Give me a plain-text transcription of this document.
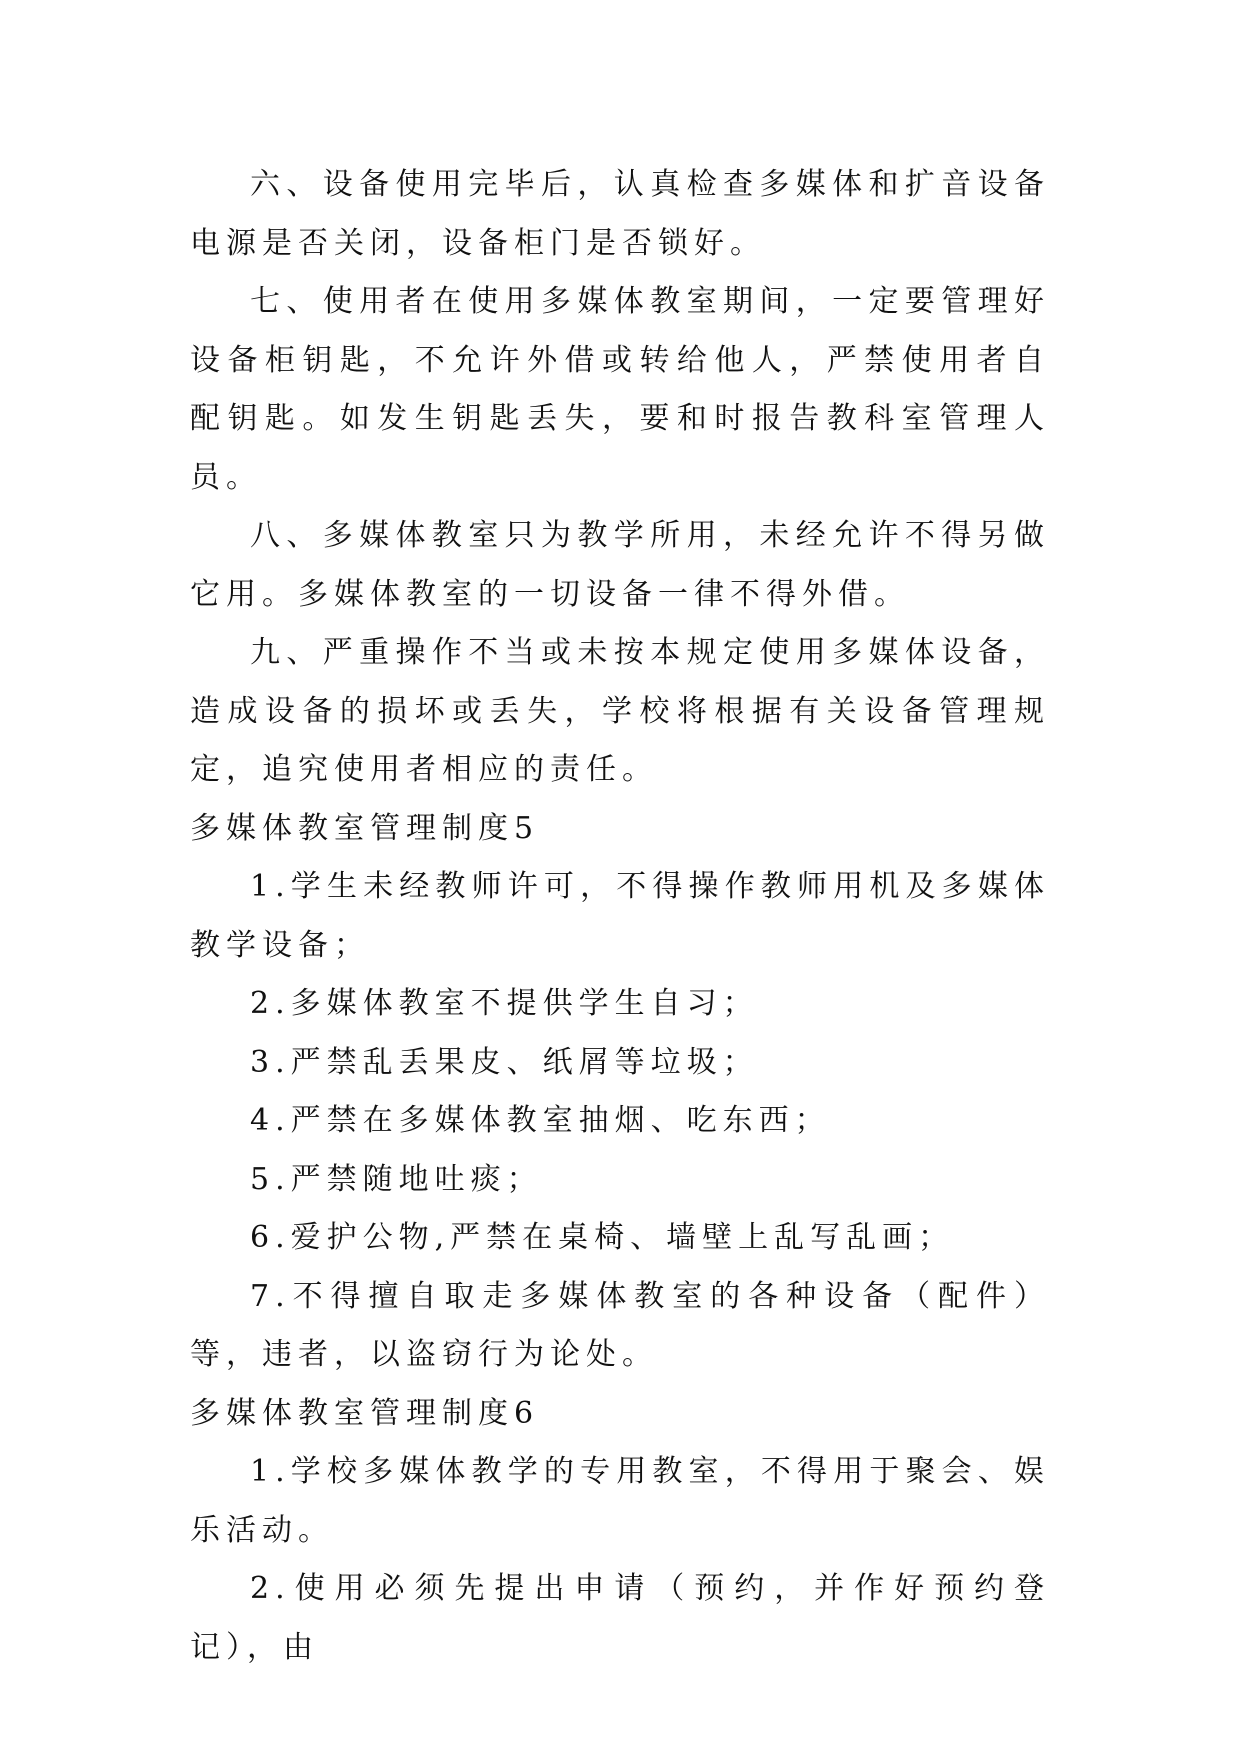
六、设备使用完毕后，认真检查多媒体和扩音设备电源是否关闭，设备柜门是否锁好。

七、使用者在使用多媒体教室期间，一定要管理好设备柜钥匙，不允许外借或转给他人，严禁使用者自配钥匙。如发生钥匙丢失，要和时报告教科室管理人员。

八、多媒体教室只为教学所用，未经允许不得另做它用。多媒体教室的一切设备一律不得外借。

九、严重操作不当或未按本规定使用多媒体设备，造成设备的损坏或丢失，学校将根据有关设备管理规定，追究使用者相应的责任。

多媒体教室管理制度5

1.学生未经教师许可，不得操作教师用机及多媒体教学设备；

2.多媒体教室不提供学生自习；

3.严禁乱丢果皮、纸屑等垃圾；

4.严禁在多媒体教室抽烟、吃东西；

5.严禁随地吐痰；

6.爱护公物,严禁在桌椅、墙壁上乱写乱画；

7.不得擅自取走多媒体教室的各种设备（配件）等，违者，以盗窃行为论处。

多媒体教室管理制度6

1.学校多媒体教学的专用教室，不得用于聚会、娱乐活动。

2.使用必须先提出申请（预约，并作好预约登记），由
